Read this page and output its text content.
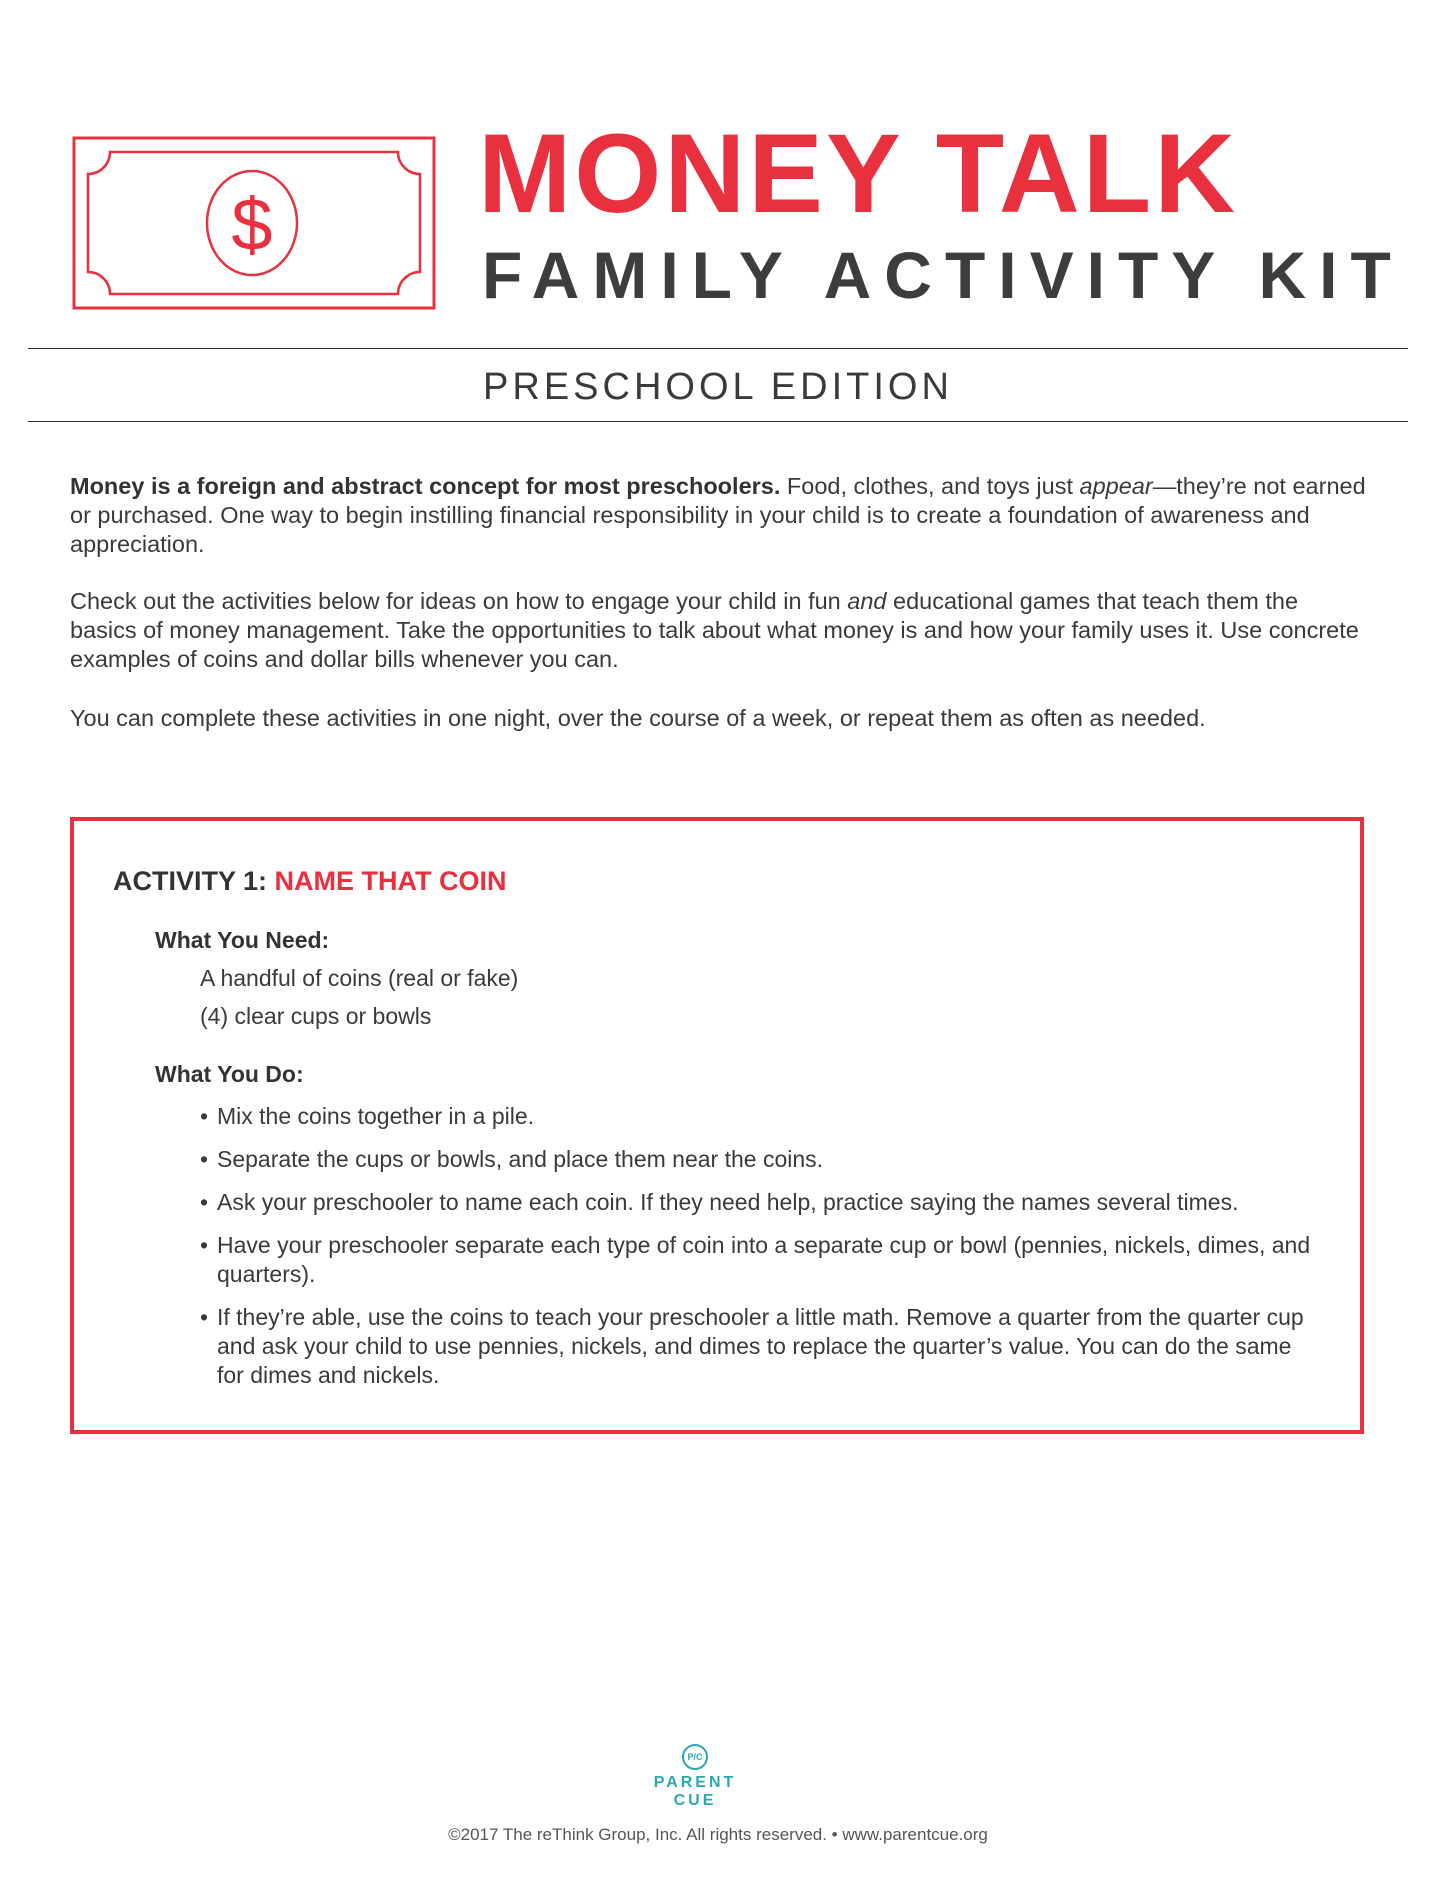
$ MONEY TALK
FAMILY ACTIVITY KIT
PRESCHOOL EDITION
Money is a foreign and abstract concept for most preschoolers. Food, clothes, and toys just appear—they’re not earned or purchased. One way to begin instilling financial responsibility in your child is to create a foundation of awareness and appreciation.
Check out the activities below for ideas on how to engage your child in fun and educational games that teach them the basics of money management. Take the opportunities to talk about what money is and how your family uses it. Use concrete examples of coins and dollar bills whenever you can.
You can complete these activities in one night, over the course of a week, or repeat them as often as needed.
ACTIVITY 1: NAME THAT COIN
What You Need:
A handful of coins (real or fake)
(4) clear cups or bowls
What You Do:
• Mix the coins together in a pile.
• Separate the cups or bowls, and place them near the coins.
• Ask your preschooler to name each coin. If they need help, practice saying the names several times.
• Have your preschooler separate each type of coin into a separate cup or bowl (pennies, nickels, dimes, and quarters).
• If they’re able, use the coins to teach your preschooler a little math. Remove a quarter from the quarter cup and ask your child to use pennies, nickels, and dimes to replace the quarter’s value. You can do the same for dimes and nickels.
P/C
PARENT
CUE
©2017 The reThink Group, Inc. All rights reserved. • www.parentcue.org
